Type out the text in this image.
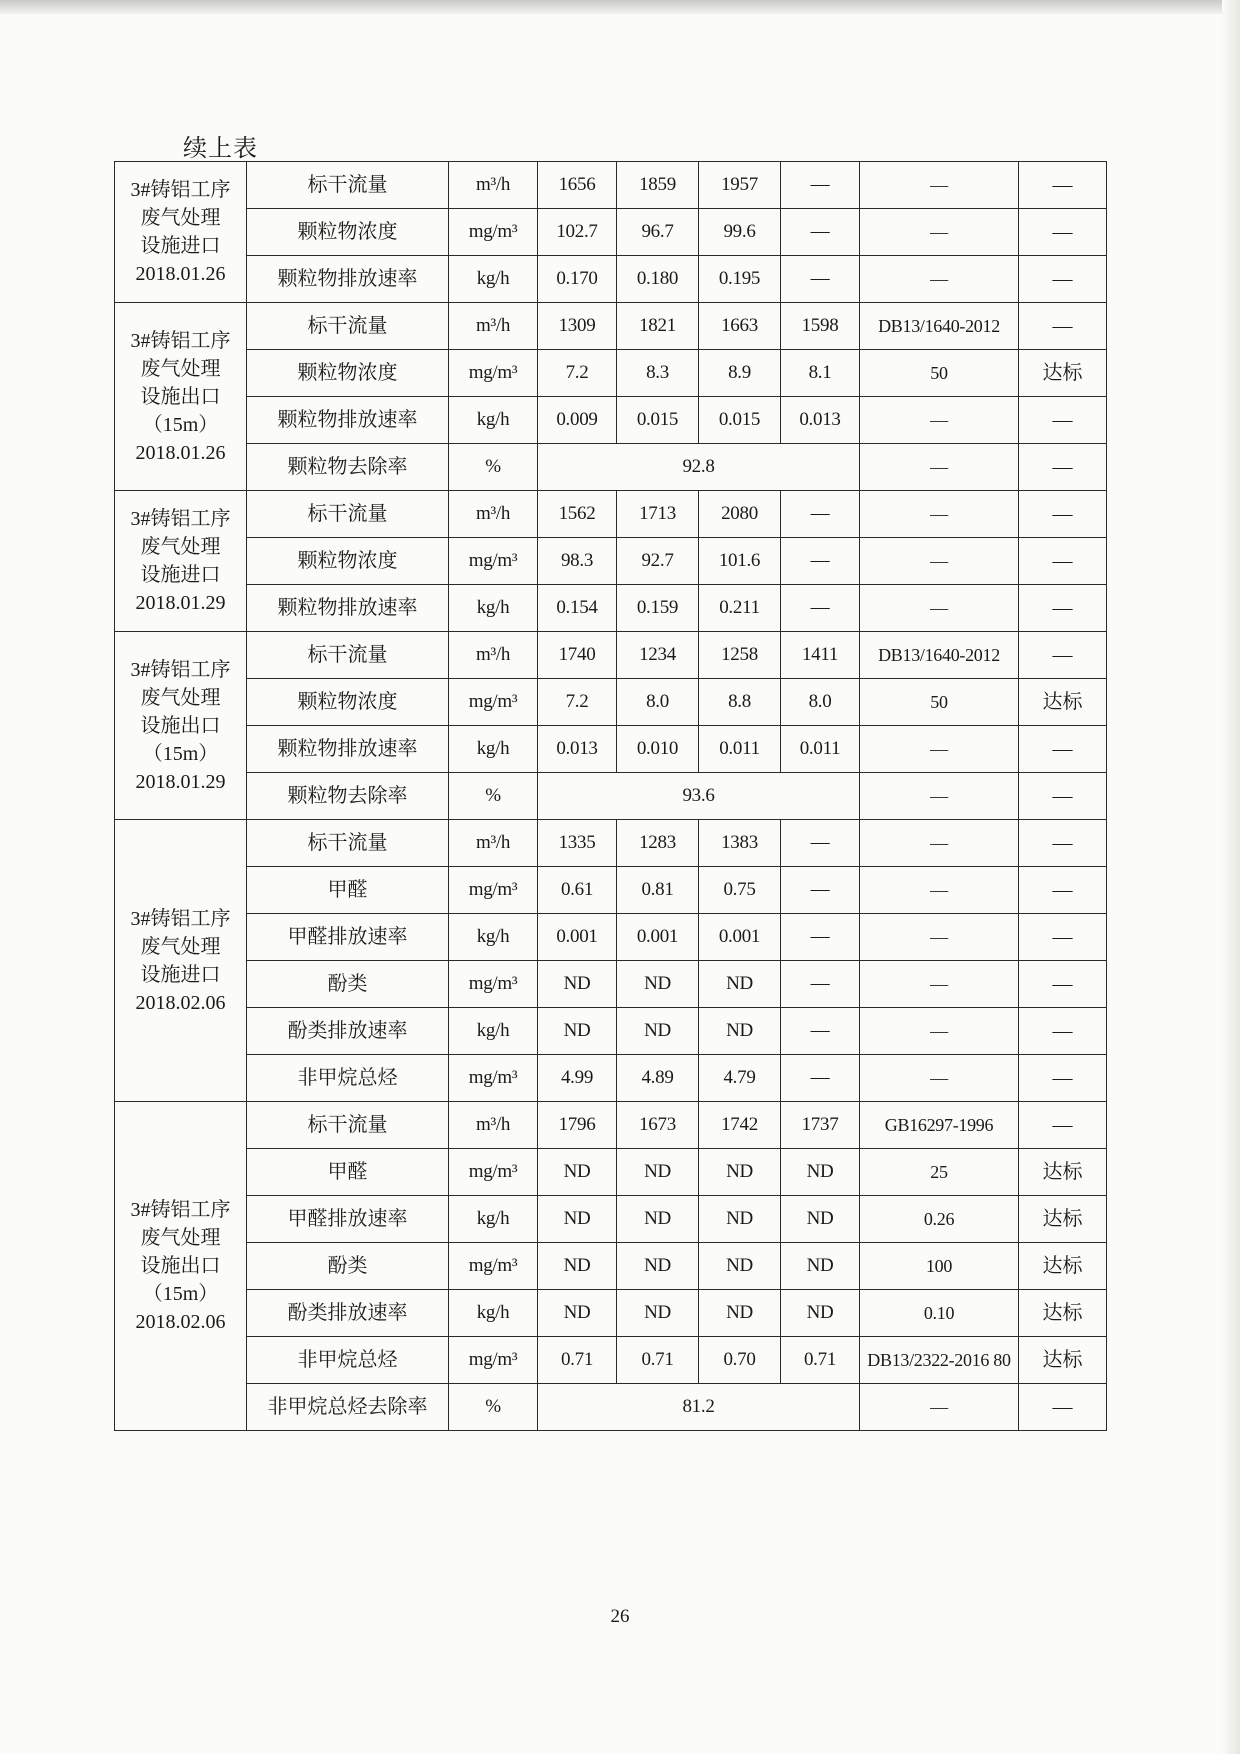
续上表
3#铸铝工序
废气处理
设施进口
2018.01.26	标干流量	m³/h	1656	1859	1957	—	—	—
	颗粒物浓度	mg/m³	102.7	96.7	99.6	—	—	—
	颗粒物排放速率	kg/h	0.170	0.180	0.195	—	—	—

3#铸铝工序
废气处理
设施出口
（15m）
2018.01.26	标干流量	m³/h	1309	1821	1663	1598	DB13/1640-2012	—
	颗粒物浓度	mg/m³	7.2	8.3	8.9	8.1	50	达标
	颗粒物排放速率	kg/h	0.009	0.015	0.015	0.013	—	—
	颗粒物去除率	%	92.8				—	—

3#铸铝工序
废气处理
设施进口
2018.01.29	标干流量	m³/h	1562	1713	2080	—	—	—
	颗粒物浓度	mg/m³	98.3	92.7	101.6	—	—	—
	颗粒物排放速率	kg/h	0.154	0.159	0.211	—	—	—

3#铸铝工序
废气处理
设施出口
（15m）
2018.01.29	标干流量	m³/h	1740	1234	1258	1411	DB13/1640-2012	—
	颗粒物浓度	mg/m³	7.2	8.0	8.8	8.0	50	达标
	颗粒物排放速率	kg/h	0.013	0.010	0.011	0.011	—	—
	颗粒物去除率	%	93.6				—	—

3#铸铝工序
废气处理
设施进口
2018.02.06	标干流量	m³/h	1335	1283	1383	—	—	—
	甲醛	mg/m³	0.61	0.81	0.75	—	—	—
	甲醛排放速率	kg/h	0.001	0.001	0.001	—	—	—
	酚类	mg/m³	ND	ND	ND	—	—	—
	酚类排放速率	kg/h	ND	ND	ND	—	—	—
	非甲烷总烃	mg/m³	4.99	4.89	4.79	—	—	—

3#铸铝工序
废气处理
设施出口
（15m）
2018.02.06	标干流量	m³/h	1796	1673	1742	1737	GB16297-1996	—
	甲醛	mg/m³	ND	ND	ND	ND	25	达标
	甲醛排放速率	kg/h	ND	ND	ND	ND	0.26	达标
	酚类	mg/m³	ND	ND	ND	ND	100	达标
	酚类排放速率	kg/h	ND	ND	ND	ND	0.10	达标
	非甲烷总烃	mg/m³	0.71	0.71	0.70	0.71	DB13/2322-2016 80	达标
	非甲烷总烃去除率	%	81.2				—	—
26
